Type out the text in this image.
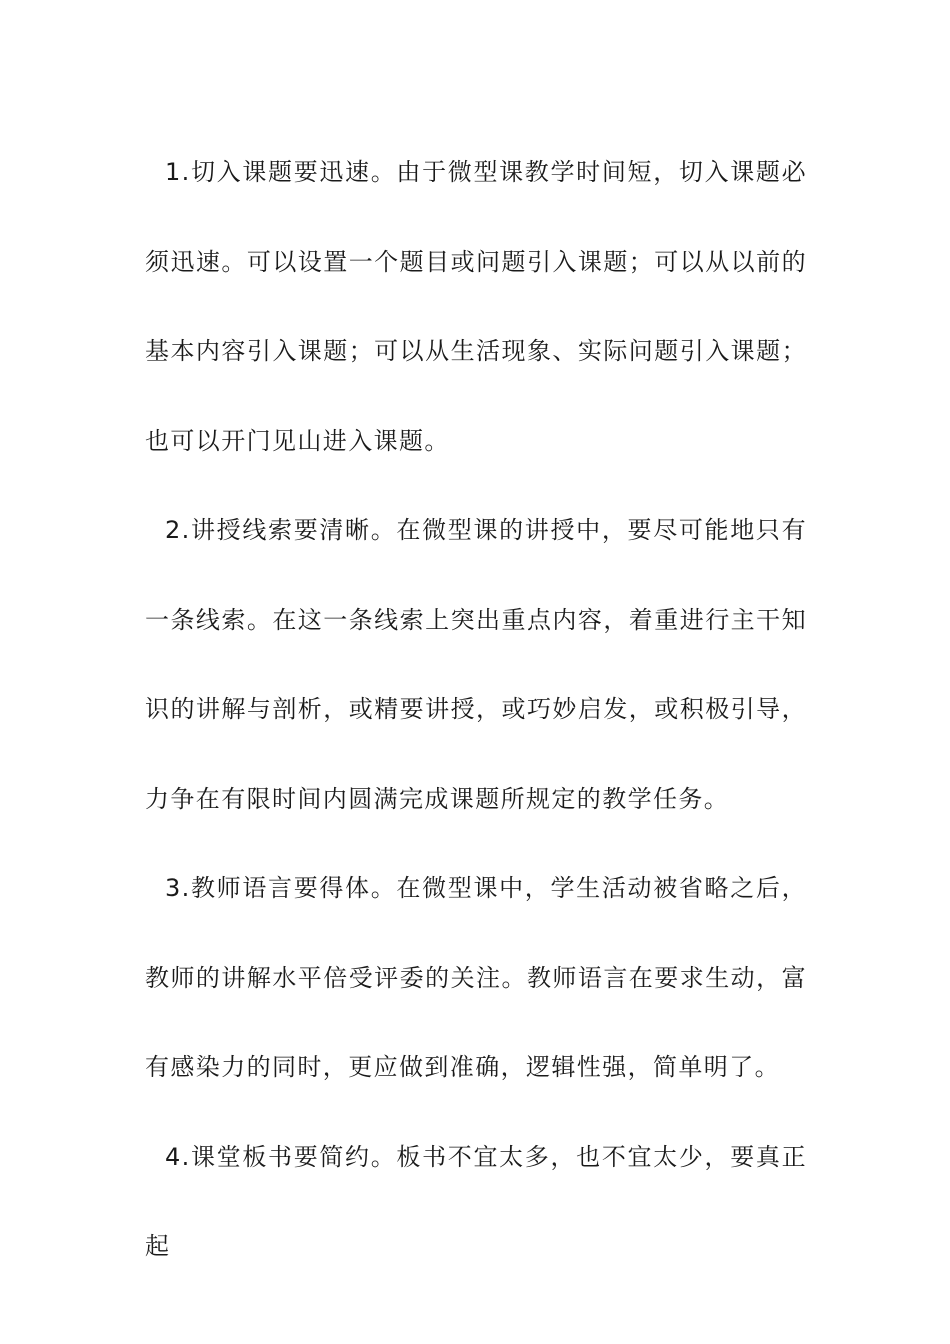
1.切入课题要迅速。由于微型课教学时间短，切入课题必须迅速。可以设置一个题目或问题引入课题；可以从以前的基本内容引入课题；可以从生活现象、实际问题引入课题；也可以开门见山进入课题。

2.讲授线索要清晰。在微型课的讲授中，要尽可能地只有一条线索。在这一条线索上突出重点内容，着重进行主干知识的讲解与剖析，或精要讲授，或巧妙启发，或积极引导，力争在有限时间内圆满完成课题所规定的教学任务。

3.教师语言要得体。在微型课中，学生活动被省略之后，教师的讲解水平倍受评委的关注。教师语言在要求生动，富有感染力的同时，更应做到准确，逻辑性强，简单明了。

4.课堂板书要简约。板书不宜太多，也不宜太少，要真正起
